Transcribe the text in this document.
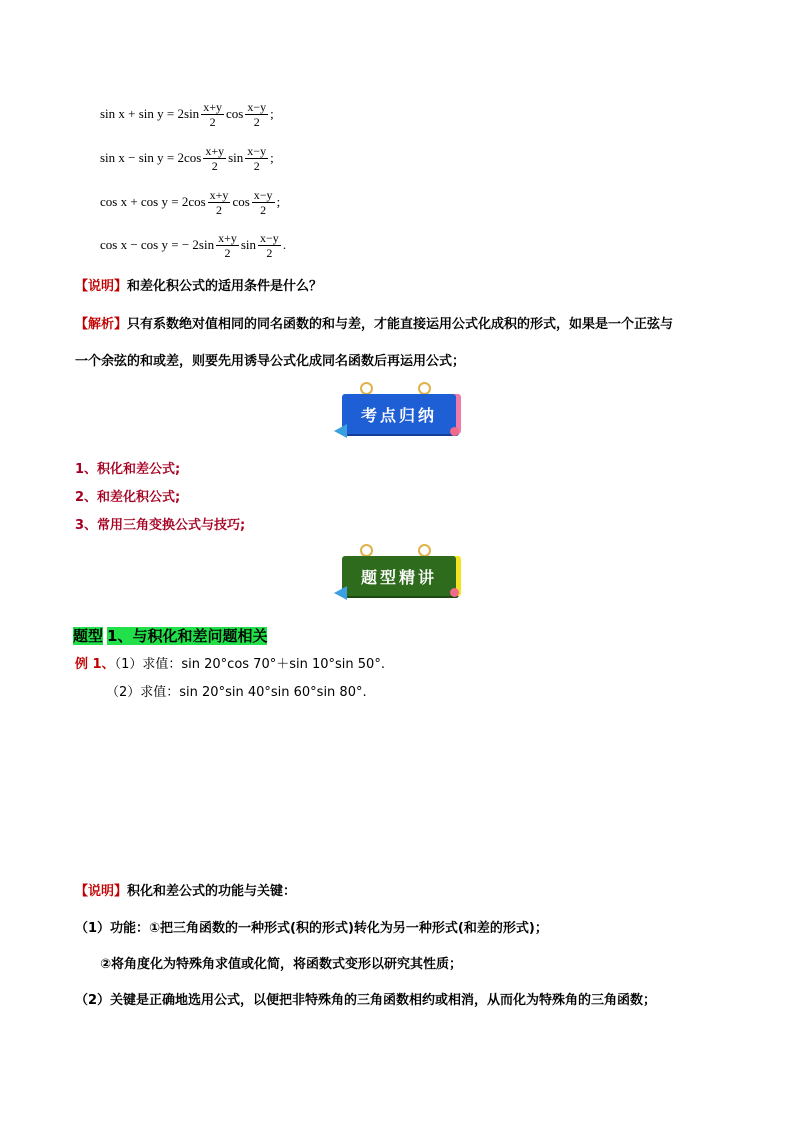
$\sin x + \sin y = 2\sin \frac{x+y}{2}$ $\cos \frac{x-y}{2}$ ;
$\sin x - \sin y = 2\cos \frac{x+y}{2}$ $\sin \frac{x-y}{2}$ ;
$\cos x + \cos y = 2\cos \frac{x+y}{2}$ $\cos \frac{x-y}{2}$ ;
cos x − cos y = − $2\sin \frac{x+y}{2}$ $\sin \frac{x-y}{2}$ .
【说明】和差化积公式的适用条件是什么？
【解析】只有系数绝对值相同的同名函数的和与差，才能直接运用公式化成积的形式，如果是一个正弦与
一个余弦的和或差，则要先用诱导公式化成同名函数后再运用公式；
考点归纳
1、积化和差公式;
2、和差化积公式;
3、常用三角变换公式与技巧;
题型精讲
题型 1、与积化和差问题相关
例 1、（1）求值：sin 20°cos 70°＋sin 10°sin 50°.
（2）求值：sin 20°sin 40°sin 60°sin 80°.
【说明】积化和差公式的功能与关键：
（1）功能：①把三角函数的一种形式(积的形式)转化为另一种形式(和差的形式)；
②将角度化为特殊角求值或化简，将函数式变形以研究其性质；
（2）关键是正确地选用公式，以便把非特殊角的三角函数相约或相消，从而化为特殊角的三角函数；
